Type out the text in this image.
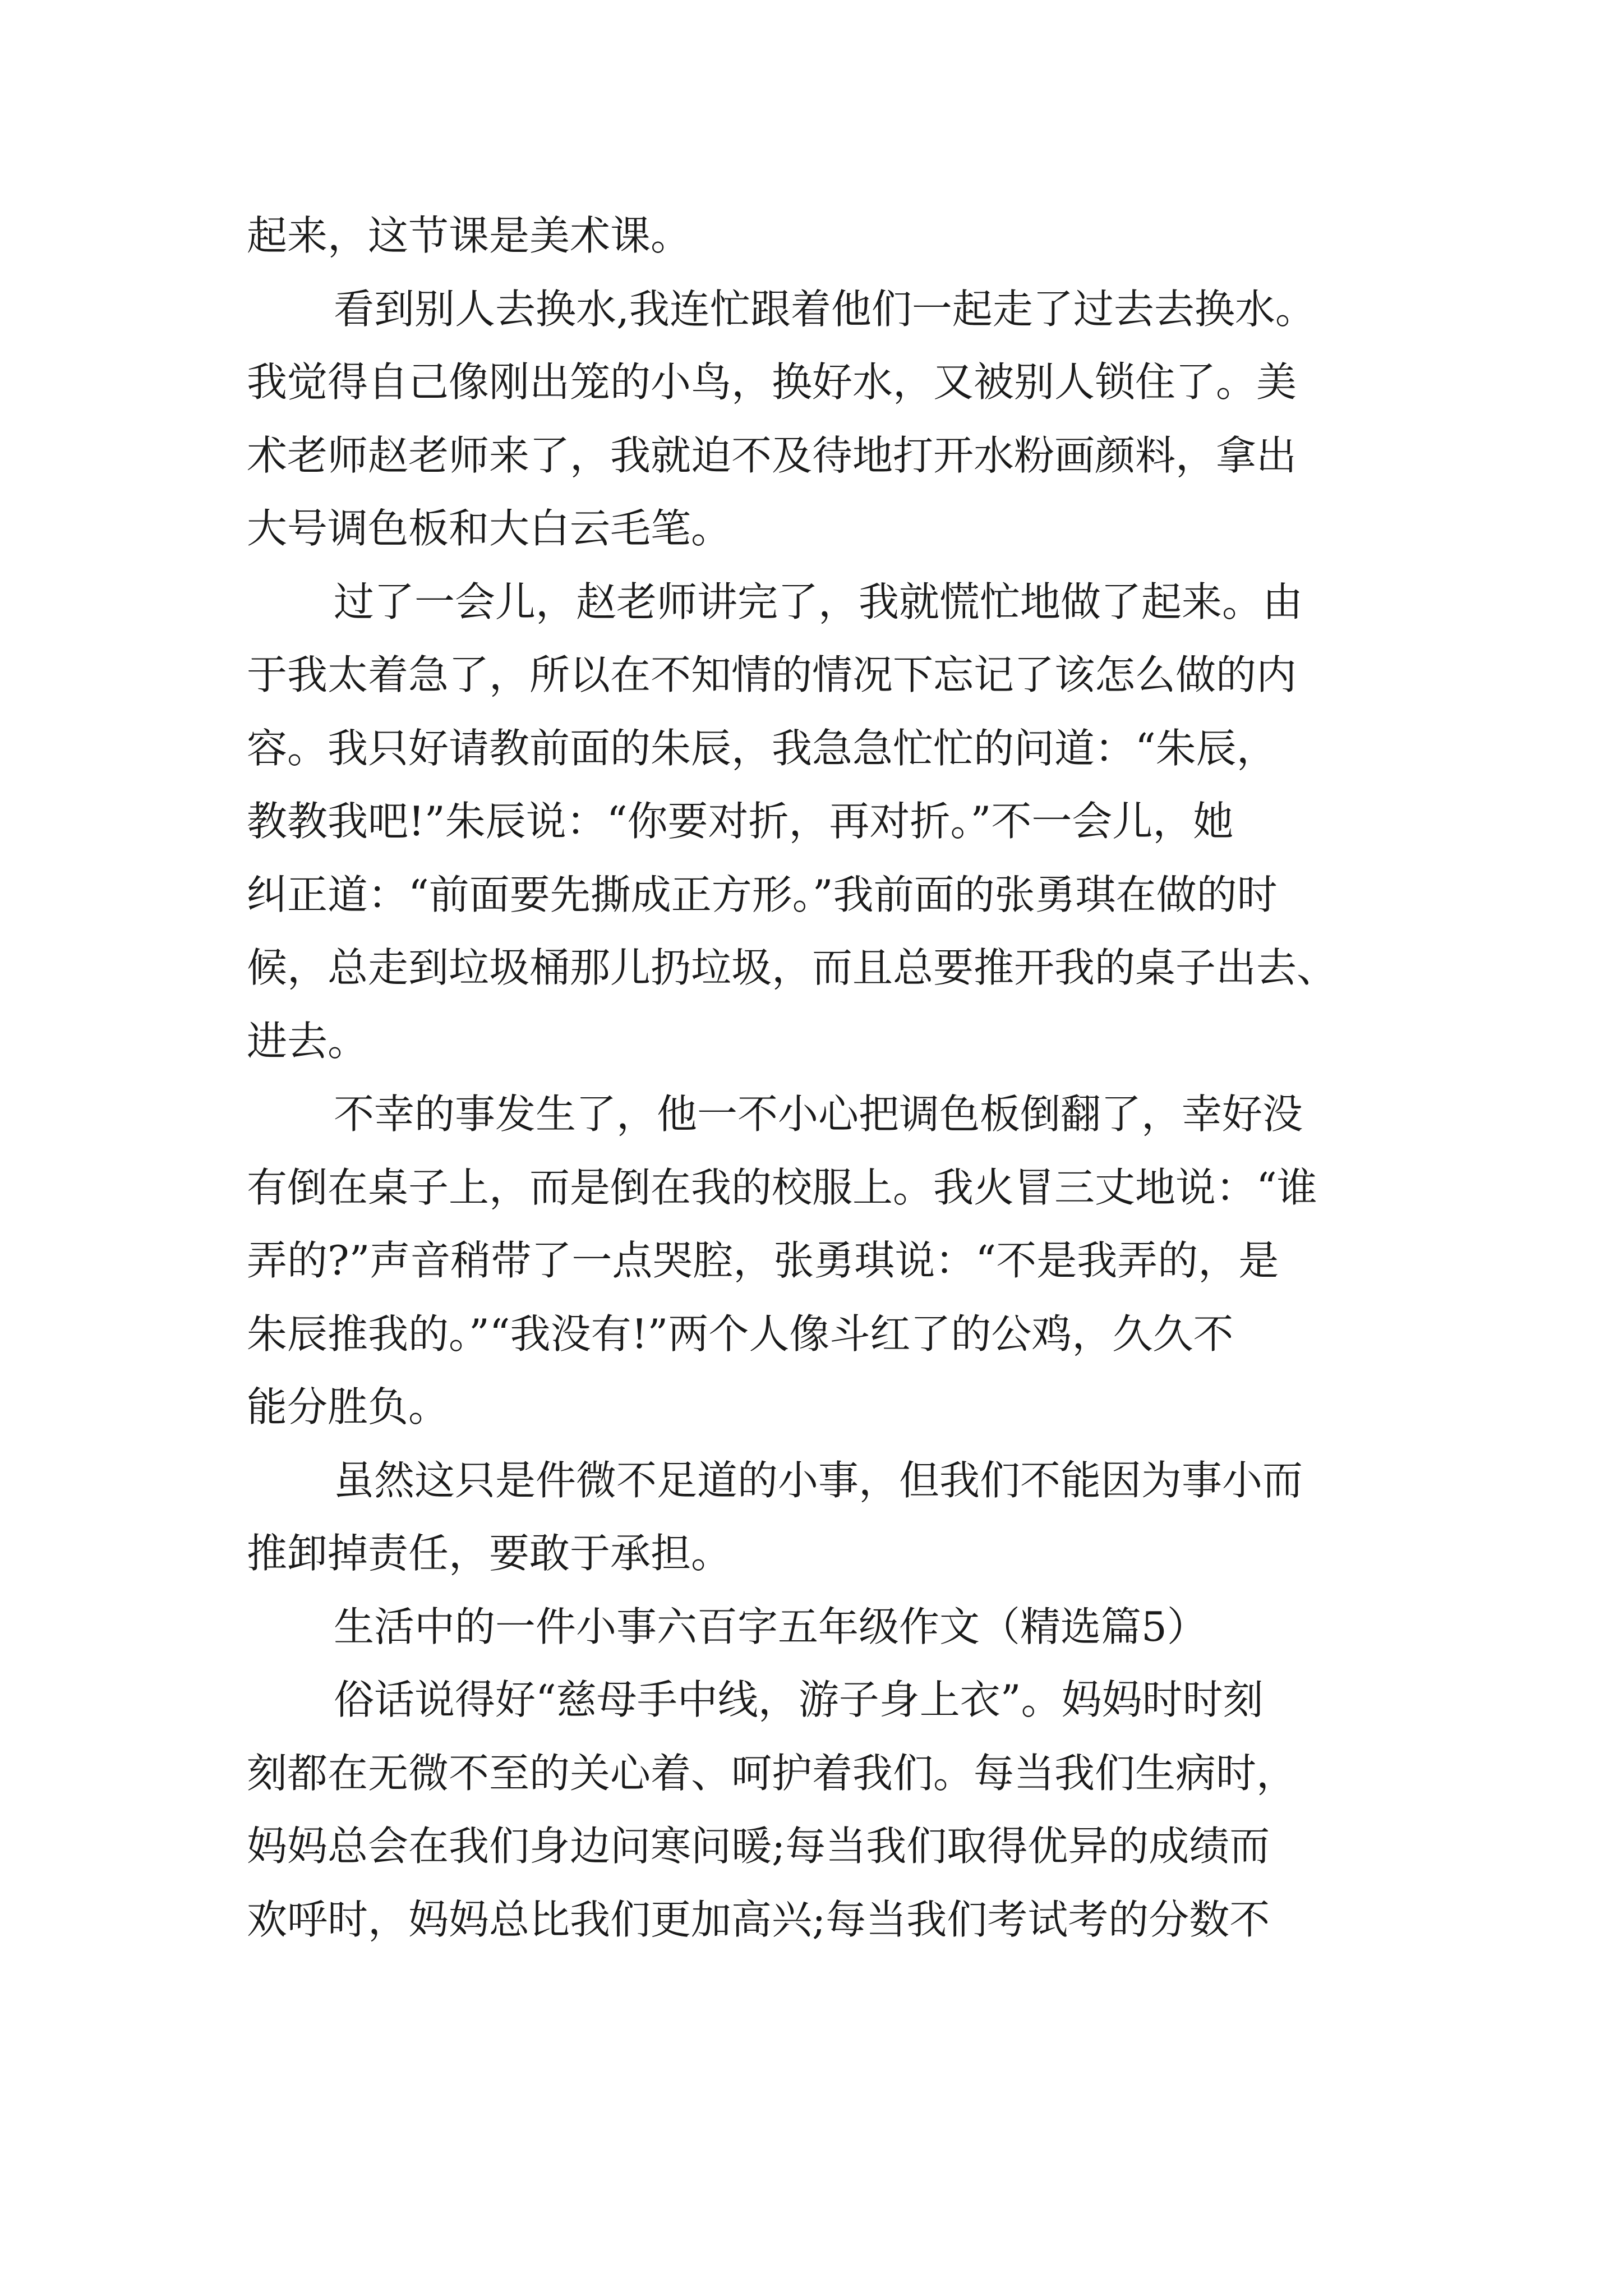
起来，这节课是美术课。
看到别人去换水,我连忙跟着他们一起走了过去去换水。
我觉得自己像刚出笼的小鸟，换好水，又被别人锁住了。美
术老师赵老师来了，我就迫不及待地打开水粉画颜料，拿出
大号调色板和大白云毛笔。
过了一会儿，赵老师讲完了，我就慌忙地做了起来。由
于我太着急了，所以在不知情的情况下忘记了该怎么做的内
容。我只好请教前面的朱辰，我急急忙忙的问道：“朱辰，
教教我吧!”朱辰说：“你要对折，再对折。”不一会儿，她
纠正道：“前面要先撕成正方形。”我前面的张勇琪在做的时
候，总走到垃圾桶那儿扔垃圾，而且总要推开我的桌子出去、
进去。
不幸的事发生了，他一不小心把调色板倒翻了，幸好没
有倒在桌子上，而是倒在我的校服上。我火冒三丈地说：“谁
弄的?”声音稍带了一点哭腔，张勇琪说：“不是我弄的，是
朱辰推我的。”“我没有!”两个人像斗红了的公鸡，久久不
能分胜负。
虽然这只是件微不足道的小事，但我们不能因为事小而
推卸掉责任，要敢于承担。
生活中的一件小事六百字五年级作文（精选篇5）
俗话说得好“慈母手中线，游子身上衣”。妈妈时时刻
刻都在无微不至的关心着、呵护着我们。每当我们生病时，
妈妈总会在我们身边问寒问暖;每当我们取得优异的成绩而
欢呼时，妈妈总比我们更加高兴;每当我们考试考的分数不
